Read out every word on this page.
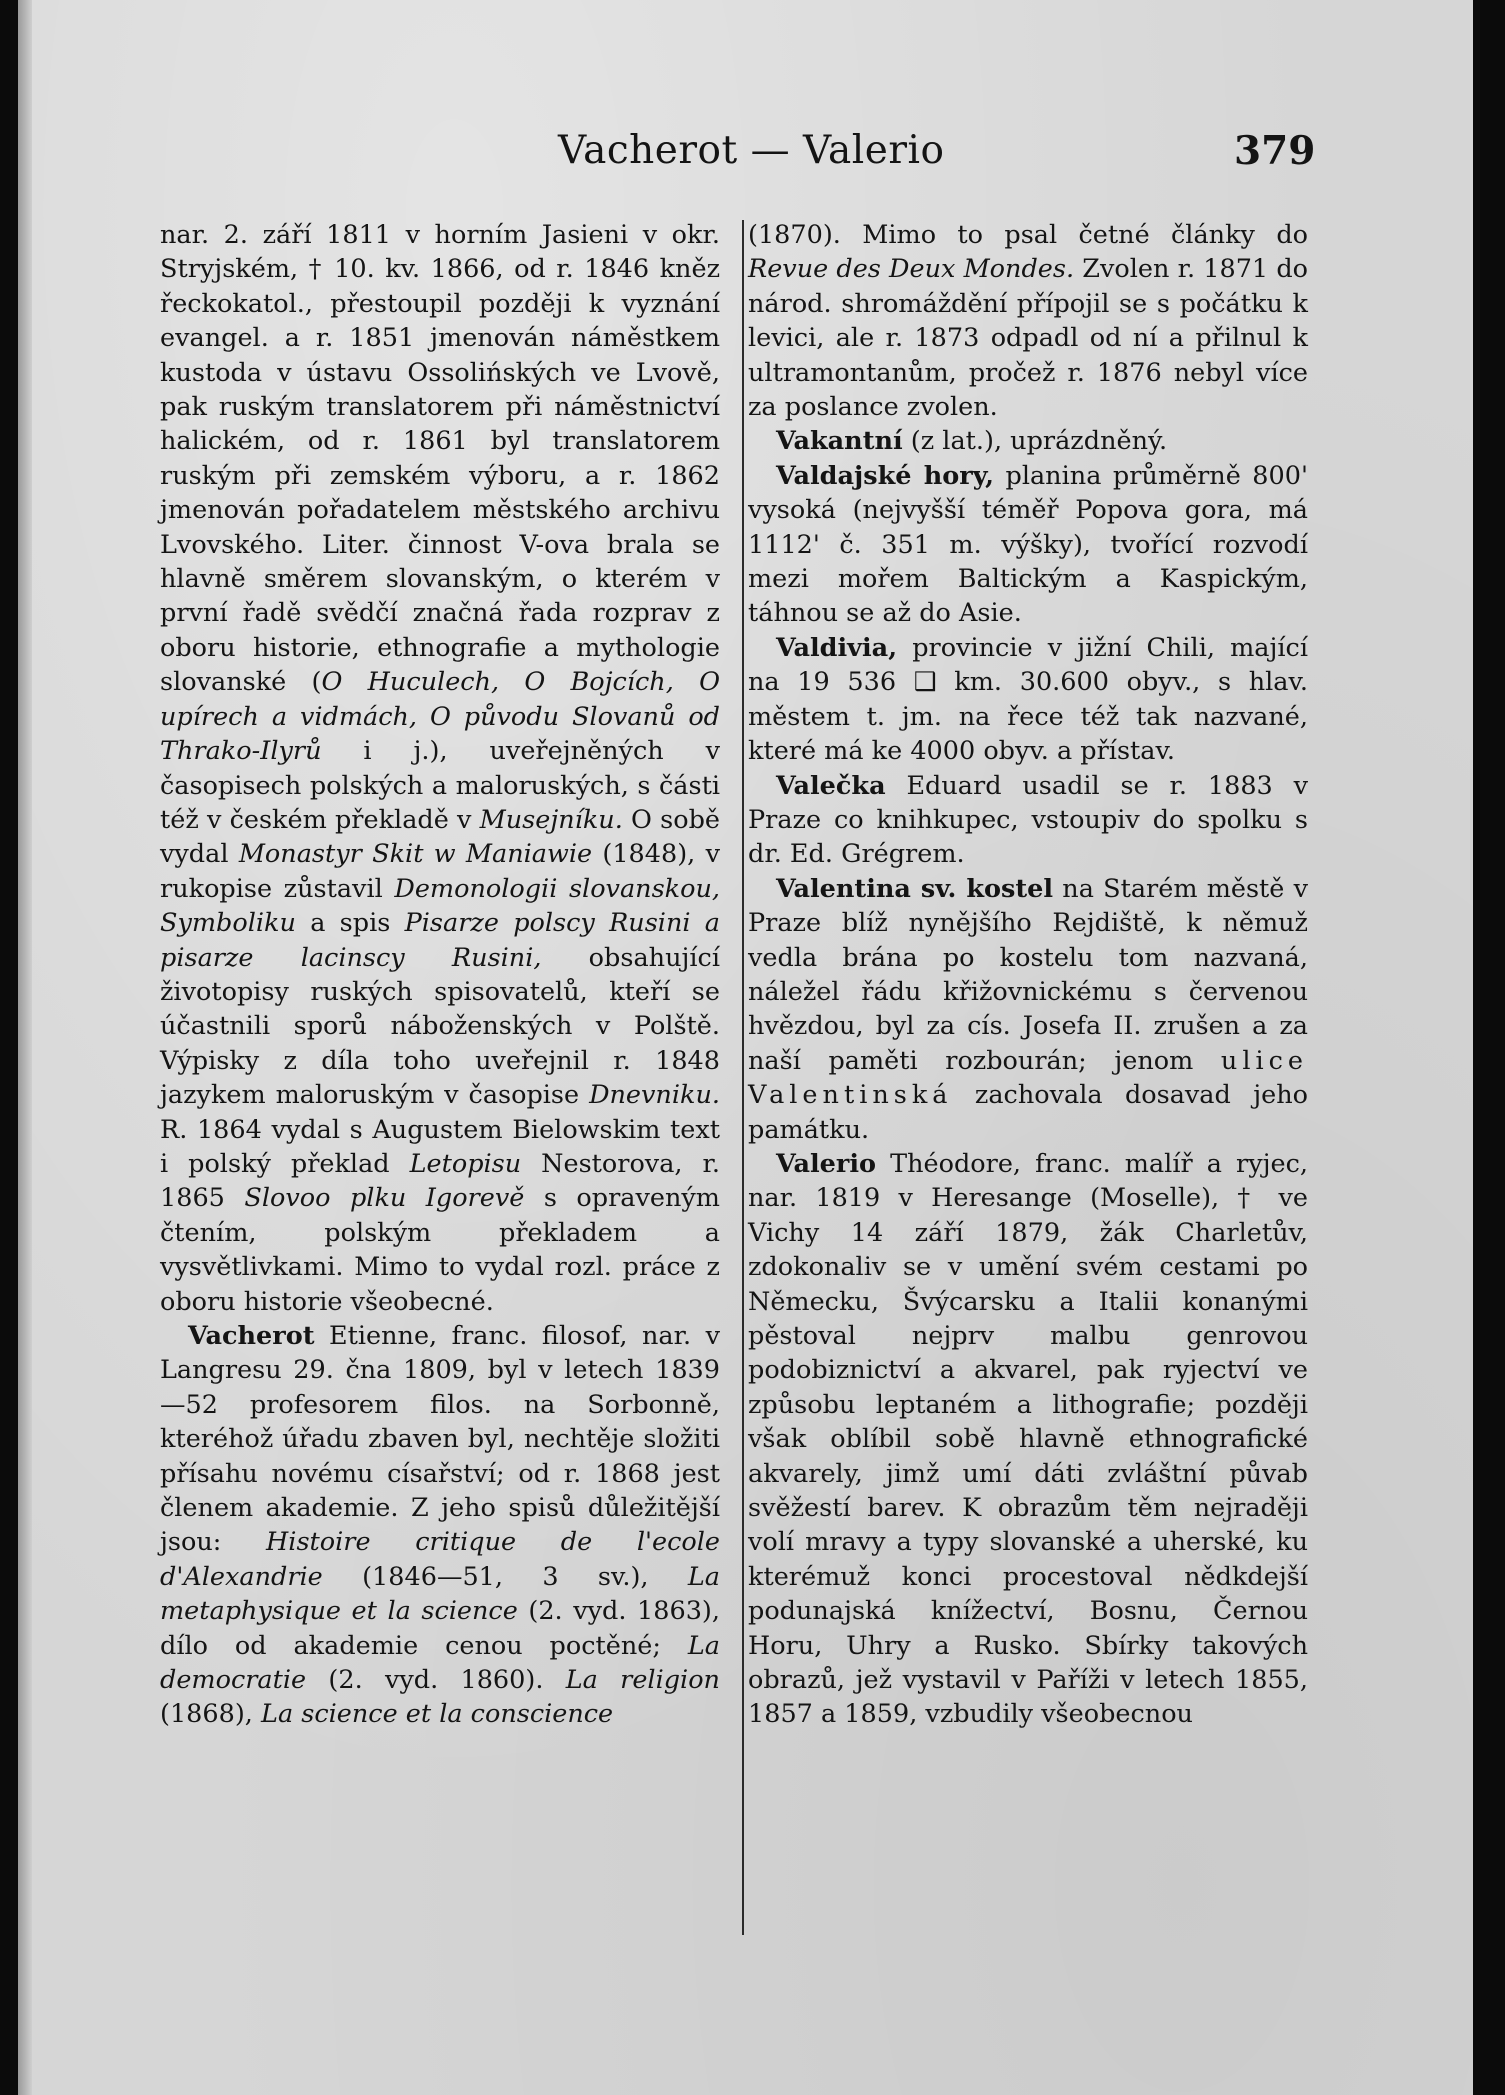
Vacherot — Valerio	379

nar. 2. září 1811 v horním Jasieni v okr. Stryjském, † 10. kv. 1866, od r. 1846 kněz řeckokatol., přestoupil později k vyznání evangel. a r. 1851 jmenován náměstkem kustoda v ústavu Ossolińských ve Lvově, pak ruským translatorem při náměstnictví halickém, od r. 1861 byl translatorem ruským při zemském výboru, a r. 1862 jmenován pořadatelem městského archivu Lvovského. Liter. činnost V-ova brala se hlavně směrem slovanským, o kterém v první řadě svědčí značná řada rozprav z oboru historie, ethnografie a mythologie slovanské (O Huculech, O Bojcích, O upírech a vidmách, O původu Slovanů od Thrako-Ilyrů i j.), uveřejněných v časopisech polských a maloruských, s části též v českém překladě v Musejníku. O sobě vydal Monastyr Skit w Maniawie (1848), v rukopise zůstavil Demonologii slovanskou, Symboliku a spis Pisarze polscy Rusini a pisarze lacinscy Rusini, obsahující životopisy ruských spisovatelů, kteří se účastnili sporů náboženských v Polště. Výpisky z díla toho uveřejnil r. 1848 jazykem maloruským v časopise Dnevniku. R. 1864 vydal s Augustem Bielowskim text i polský překlad Letopisu Nestorova, r. 1865 Slovoo plku Igorevě s opraveným čtením, polským překladem a vysvětlivkami. Mimo to vydal rozl. práce z oboru historie všeobecné.

Vacherot Etienne, franc. filosof, nar. v Langresu 29. čna 1809, byl v letech 1839—52 profesorem filos. na Sorbonně, kteréhož úřadu zbaven byl, nechtěje složiti přísahu novému císařství; od r. 1868 jest členem akademie. Z jeho spisů důležitější jsou: Histoire critique de l'ecole d'Alexandrie (1846—51, 3 sv.), La metaphysique et la science (2. vyd. 1863), dílo od akademie cenou poctěné; La democratie (2. vyd. 1860). La religion (1868), La science et la conscience

(1870). Mimo to psal četné články do Revue des Deux Mondes. Zvolen r. 1871 do národ. shromáždění přípojil se s počátku k levici, ale r. 1873 odpadl od ní a přilnul k ultramontanům, pročež r. 1876 nebyl více za poslance zvolen.

Vakantní (z lat.), uprázdněný.

Valdajské hory, planina průměrně 800' vysoká (nejvyšší téměř Popova gora, má 1112' č. 351 m. výšky), tvořící rozvodí mezi mořem Baltickým a Kaspickým, táhnou se až do Asie.

Valdivia, provincie v jižní Chili, mající na 19 536 ❑ km. 30.600 obyv., s hlav. městem t. jm. na řece též tak nazvané, které má ke 4000 obyv. a přístav.

Valečka Eduard usadil se r. 1883 v Praze co knihkupec, vstoupiv do spolku s dr. Ed. Grégrem.

Valentina sv. kostel na Starém městě v Praze blíž nynějšího Rejdiště, k němuž vedla brána po kostelu tom nazvaná, náležel řádu křižovnickému s červenou hvězdou, byl za cís. Josefa II. zrušen a za naší paměti rozbourán; jenom ulice Valentinská zachovala dosavad jeho památku.

Valerio Théodore, franc. malíř a ryjec, nar. 1819 v Heresange (Moselle), † ve Vichy 14 září 1879, žák Charletův, zdokonaliv se v umění svém cestami po Německu, Švýcarsku a Italii konanými pěstoval nejprv malbu genrovou podobiznictví a akvarel, pak ryjectví ve způsobu leptaném a lithografie; později však oblíbil sobě hlavně ethnografické akvarely, jimž umí dáti zvláštní půvab svěžestí barev. K obrazům těm nejraději volí mravy a typy slovanské a uherské, ku kterémuž konci procestoval nědkdejší podunajská knížectví, Bosnu, Černou Horu, Uhry a Rusko. Sbírky takových obrazů, jež vystavil v Paříži v letech 1855, 1857 a 1859, vzbudily všeobecnou
